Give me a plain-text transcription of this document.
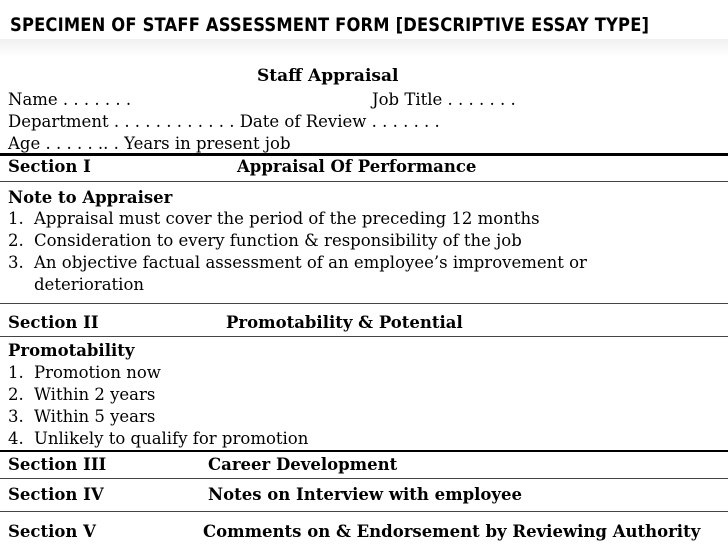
SPECIMEN OF STAFF ASSESSMENT FORM [DESCRIPTIVE ESSAY TYPE]
Staff Appraisal
Name . . . . . . .	Job Title . . . . . . .
Department . . . . . . . . . . . . Date of Review . . . . . . .
Age . . . . . .. . Years in present job
Section I	Appraisal Of Performance
Note to Appraiser
1. Appraisal must cover the period of the preceding 12 months
2. Consideration to every function & responsibility of the job
3. An objective factual assessment of an employee’s improvement or
deterioration
Section II	Promotability & Potential
Promotability
1. Promotion now
2. Within 2 years
3. Within 5 years
4. Unlikely to qualify for promotion
Section III	Career Development
Section IV	Notes on Interview with employee
Section V	Comments on & Endorsement by Reviewing Authority
